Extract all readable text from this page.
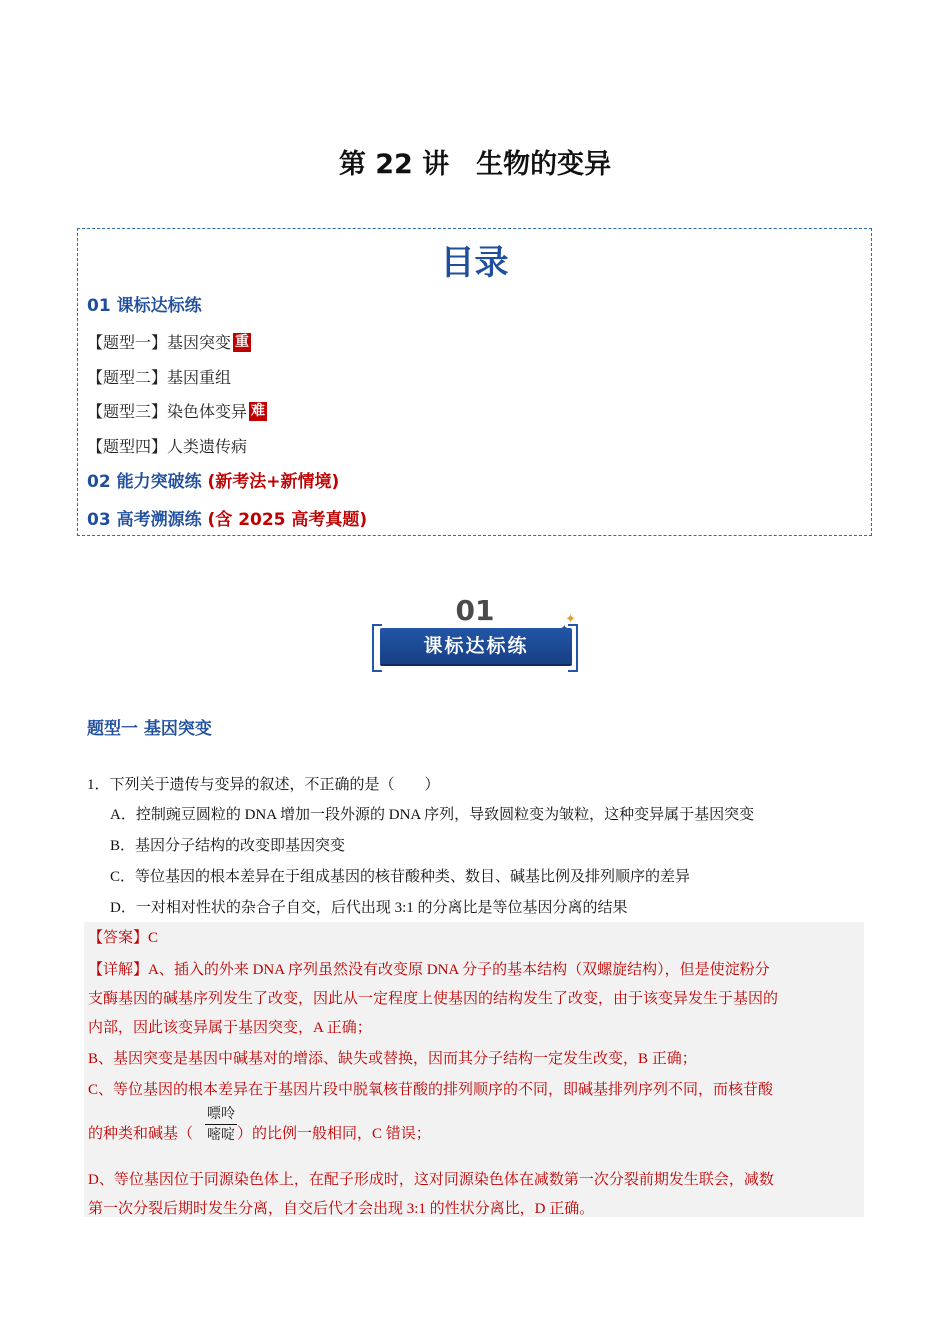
第 22 讲　生物的变异
目录
01 课标达标练
【题型一】基因突变 重
【题型二】基因重组
【题型三】染色体变异 难
【题型四】人类遗传病
02 能力突破练 (新考法+新情境)
03 高考溯源练 (含 2025 高考真题)
01	✦
课标达标练
题型一 基因突变
1．下列关于遗传与变异的叙述，不正确的是（　　）
A．控制豌豆圆粒的 DNA 增加一段外源的 DNA 序列，导致圆粒变为皱粒，这种变异属于基因突变
B．基因分子结构的改变即基因突变
C．等位基因的根本差异在于组成基因的核苷酸种类、数目、碱基比例及排列顺序的差异
D．一对相对性状的杂合子自交，后代出现 3:1 的分离比是等位基因分离的结果
【答案】C
【详解】A、插入的外来 DNA 序列虽然没有改变原 DNA 分子的基本结构（双螺旋结构），但是使淀粉分
支酶基因的碱基序列发生了改变，因此从一定程度上使基因的结构发生了改变，由于该变异发生于基因的
内部，因此该变异属于基因突变，A 正确；
B、基因突变是基因中碱基对的增添、缺失或替换，因而其分子结构一定发生改变，B 正确；
C、等位基因的根本差异在于基因片段中脱氧核苷酸的排列顺序的不同，即碱基排列序列不同，而核苷酸
的种类和碱基（	）的比例一般相同，C 错误；
嘌呤
嘧啶
D、等位基因位于同源染色体上，在配子形成时，这对同源染色体在减数第一次分裂前期发生联会，减数
第一次分裂后期时发生分离，自交后代才会出现 3:1 的性状分离比，D 正确。
